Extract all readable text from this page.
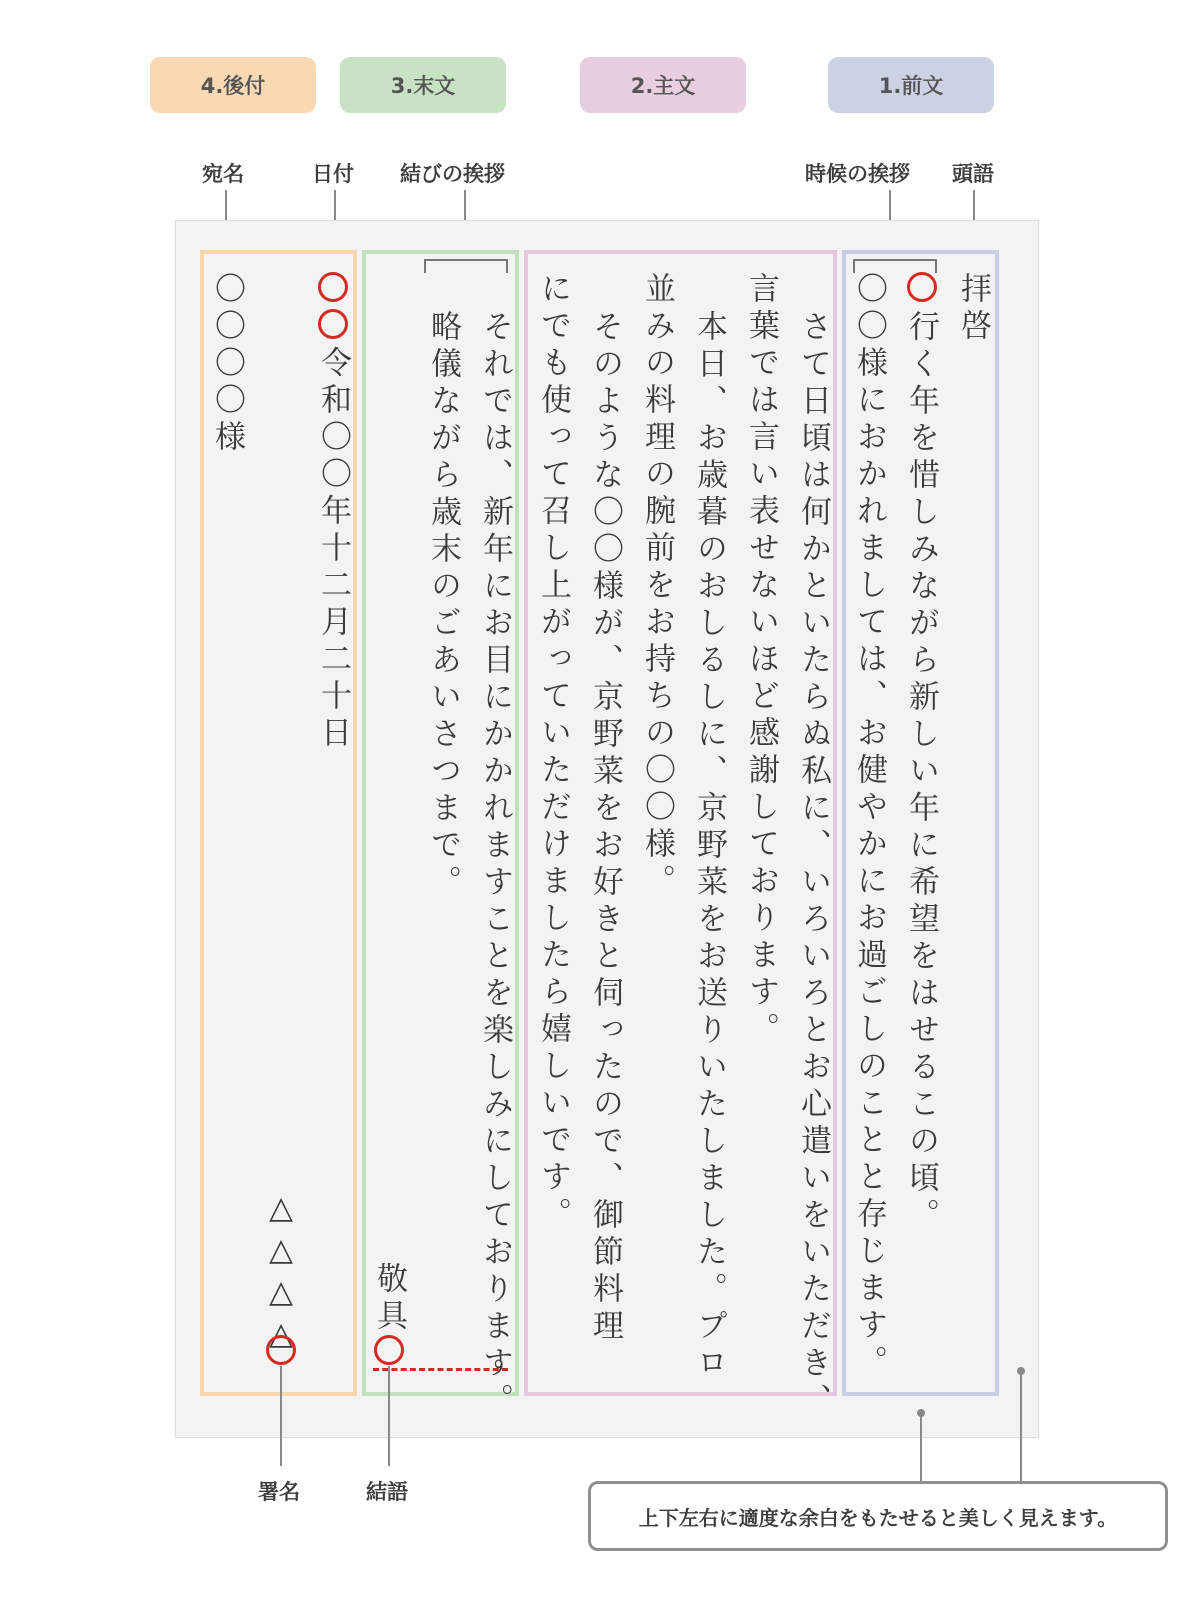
4.後付	3.末文	2.主文	1.前文
宛名	日付 結びの挨拶	時候の挨拶 頭語
拝啓
行く年を惜しみながら新しい年に希望をはせるこの頃。
〇〇様におかれましては、お健やかにお過ごしのことと存じます。
さて日頃は何かといたらぬ私に、いろいろとお心遣いをいただき、
言葉では言い表せないほど感謝しております。
本日、お歳暮のおしるしに、京野菜をお送りいたしました。プロ
並みの料理の腕前をお持ちの〇〇様。
そのような〇〇様が、京野菜をお好きと伺ったので、御節料理
にでも使って召し上がっていただけましたら嬉しいです。
それでは、新年にお目にかかれますことを楽しみにしております。
略儀ながら歳末のごあいさつまで。
敬具
令和〇〇年十二月二十日
〇〇〇〇様
△△△△
署名	結語
上下左右に適度な余白をもたせると美しく見えます。
